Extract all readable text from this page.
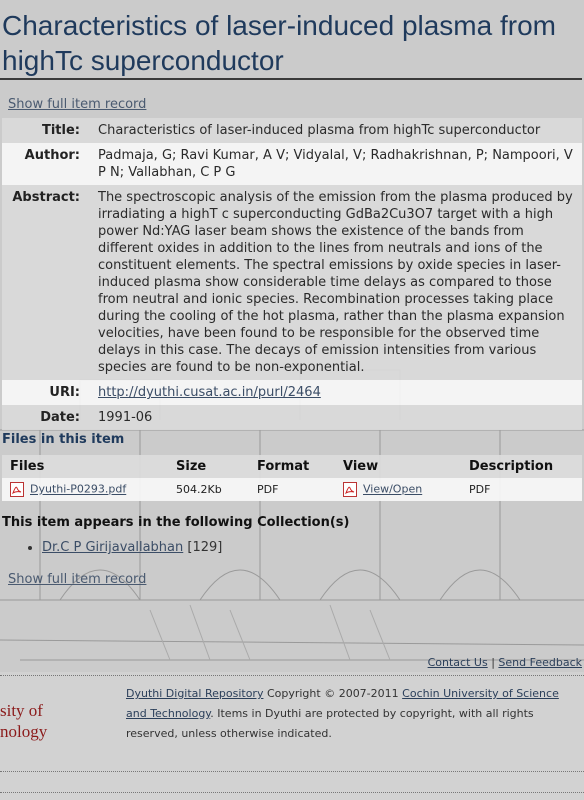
Characteristics of laser-induced plasma from highTc superconductor
Show full item record
Title:	Characteristics of laser-induced plasma from highTc superconductor
Author:	Padmaja, G; Ravi Kumar, A V; Vidyalal, V; Radhakrishnan, P; Nampoori, V P N; Vallabhan, C P G
Abstract:	The spectroscopic analysis of the emission from the plasma produced by irradiating a highT c superconducting GdBa2Cu3O7 target with a high power Nd:YAG laser beam shows the existence of the bands from different oxides in addition to the lines from neutrals and ions of the constituent elements. The spectral emissions by oxide species in laser-induced plasma show considerable time delays as compared to those from neutral and ionic species. Recombination processes taking place during the cooling of the hot plasma, rather than the plasma expansion velocities, have been found to be responsible for the observed time delays in this case. The decays of emission intensities from various species are found to be non-exponential.
URI:	http://dyuthi.cusat.ac.in/purl/2464
Date:	1991-06
Files in this item
Files	Size	Format	View	Description
Dyuthi-P0293.pdf	504.2Kb	PDF	View/Open	PDF
This item appears in the following Collection(s)
• Dr.C P Girijavallabhan [129]
Show full item record
Contact Us | Send Feedback
sity of
nology
Dyuthi Digital Repository Copyright © 2007-2011 Cochin University of Science and Technology. Items in Dyuthi are protected by copyright, with all rights reserved, unless otherwise indicated.
